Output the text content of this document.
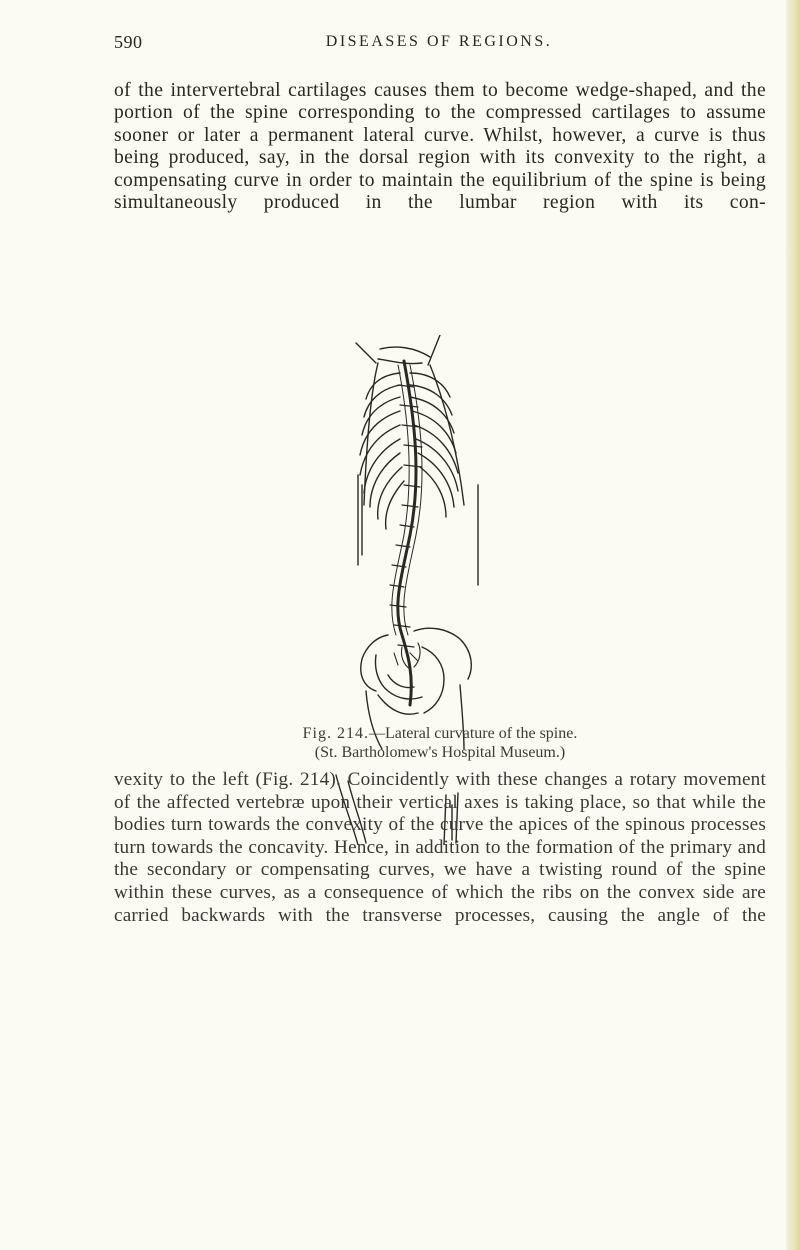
590	DISEASES OF REGIONS.

of the intervertebral cartilages causes them to become wedge-shaped, and the portion of the spine corresponding to the compressed cartilages to assume sooner or later a permanent lateral curve. Whilst, however, a curve is thus being produced, say, in the dorsal region with its convexity to the right, a compensating curve in order to maintain the equilibrium of the spine is being simultaneously produced in the lumbar region with its con-

Fig. 214.—Lateral curvature of the spine.

(St. Bartholomew's Hospital Museum.)

vexity to the left (Fig. 214). Coincidently with these changes a rotary movement of the affected vertebræ upon their vertical axes is taking place, so that while the bodies turn towards the convexity of the curve the apices of the spinous processes turn towards the concavity. Hence, in addition to the formation of the primary and the secondary or compensating curves, we have a twisting round of the spine within these curves, as a consequence of which the ribs on the convex side are carried backwards with the transverse processes, causing the angle of the
